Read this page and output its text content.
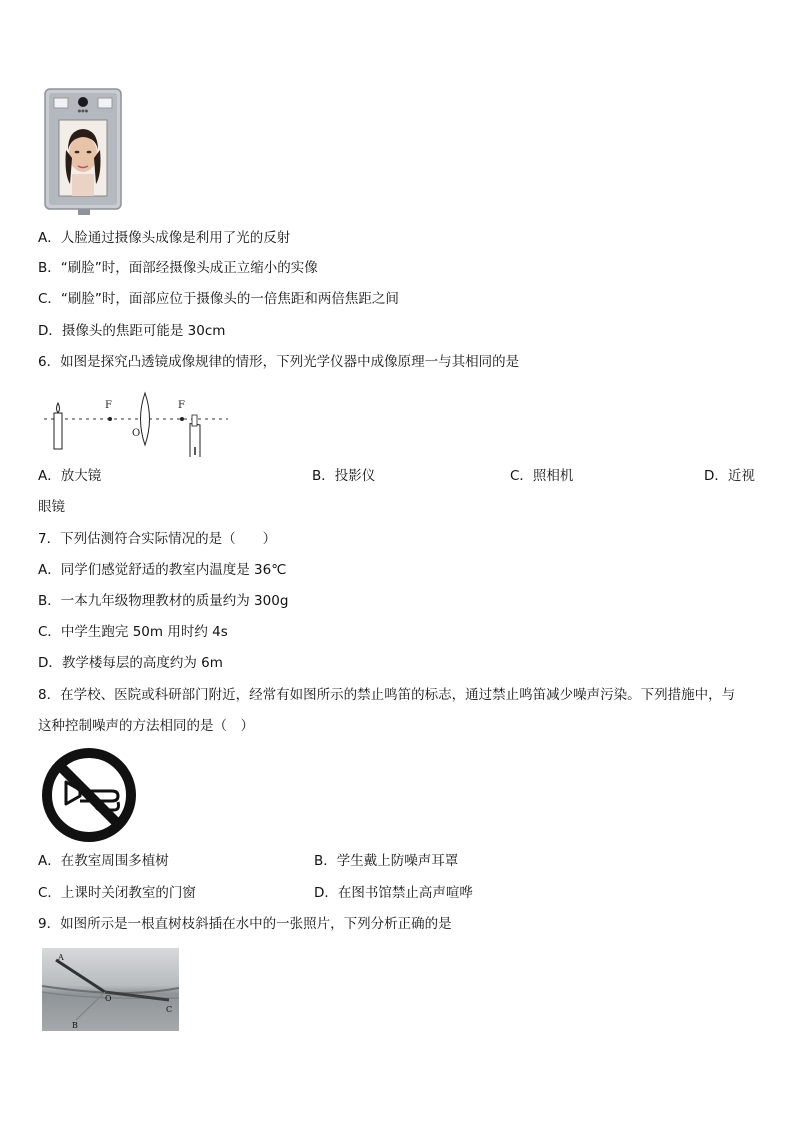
●●●
A．人脸通过摄像头成像是利用了光的反射
B．“刷脸”时，面部经摄像头成正立缩小的实像
C．“刷脸”时，面部应位于摄像头的一倍焦距和两倍焦距之间
D．摄像头的焦距可能是 30cm
6．如图是探究凸透镜成像规律的情形，下列光学仪器中成像原理一与其相同的是
F
O
F
A．放大镜	B．投影仪	C．照相机	D．近视
眼镜
7．下列估测符合实际情况的是（　　）
A．同学们感觉舒适的教室内温度是 36℃
B．一本九年级物理教材的质量约为 300g
C．中学生跑完 50m 用时约 4s
D．教学楼每层的高度约为 6m
8．在学校、医院或科研部门附近，经常有如图所示的禁止鸣笛的标志，通过禁止鸣笛减少噪声污染。下列措施中，与
这种控制噪声的方法相同的是（　）
A．在教室周围多植树	B．学生戴上防噪声耳罩
C．上课时关闭教室的门窗	D．在图书馆禁止高声喧哗
9．如图所示是一根直树枝斜插在水中的一张照片，下列分析正确的是
A
B
O
C
